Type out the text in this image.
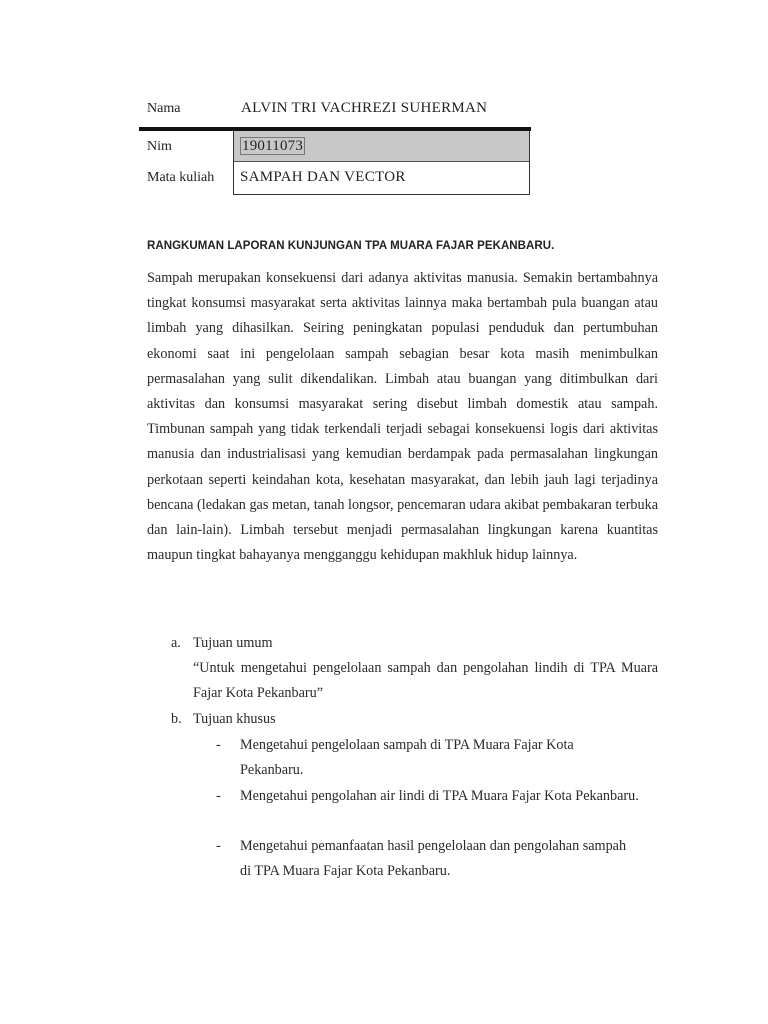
Nama	ALVIN TRI VACHREZI SUHERMAN
Nim
Mata kuliah
19011073
SAMPAH DAN VECTOR
RANGKUMAN LAPORAN KUNJUNGAN TPA MUARA FAJAR PEKANBARU.

Sampah merupakan konsekuensi dari adanya aktivitas manusia. Semakin bertambahnya tingkat konsumsi masyarakat serta aktivitas lainnya maka bertambah pula buangan atau limbah yang dihasilkan. Seiring peningkatan populasi penduduk dan pertumbuhan ekonomi saat ini pengelolaan sampah sebagian besar kota masih menimbulkan permasalahan yang sulit dikendalikan. Limbah atau buangan yang ditimbulkan dari aktivitas dan konsumsi masyarakat sering disebut limbah domestik atau sampah. Timbunan sampah yang tidak terkendali terjadi sebagai konsekuensi logis dari aktivitas manusia dan industrialisasi yang kemudian berdampak pada permasalahan lingkungan perkotaan seperti keindahan kota, kesehatan masyarakat, dan lebih jauh lagi terjadinya bencana (ledakan gas metan, tanah longsor, pencemaran udara akibat pembakaran terbuka dan lain-lain). Limbah tersebut menjadi permasalahan lingkungan karena kuantitas maupun tingkat bahayanya mengganggu kehidupan makhluk hidup lainnya.

a. Tujuan umum

“Untuk mengetahui pengelolaan sampah dan pengolahan lindih di TPA Muara Fajar Kota Pekanbaru”

b. Tujuan khusus
- Mengetahui pengelolaan sampah di TPA Muara Fajar Kota Pekanbaru.
- Mengetahui pengolahan air lindi di TPA Muara Fajar Kota Pekanbaru.
- Mengetahui pemanfaatan hasil pengelolaan dan pengolahan sampah di TPA Muara Fajar Kota Pekanbaru.
